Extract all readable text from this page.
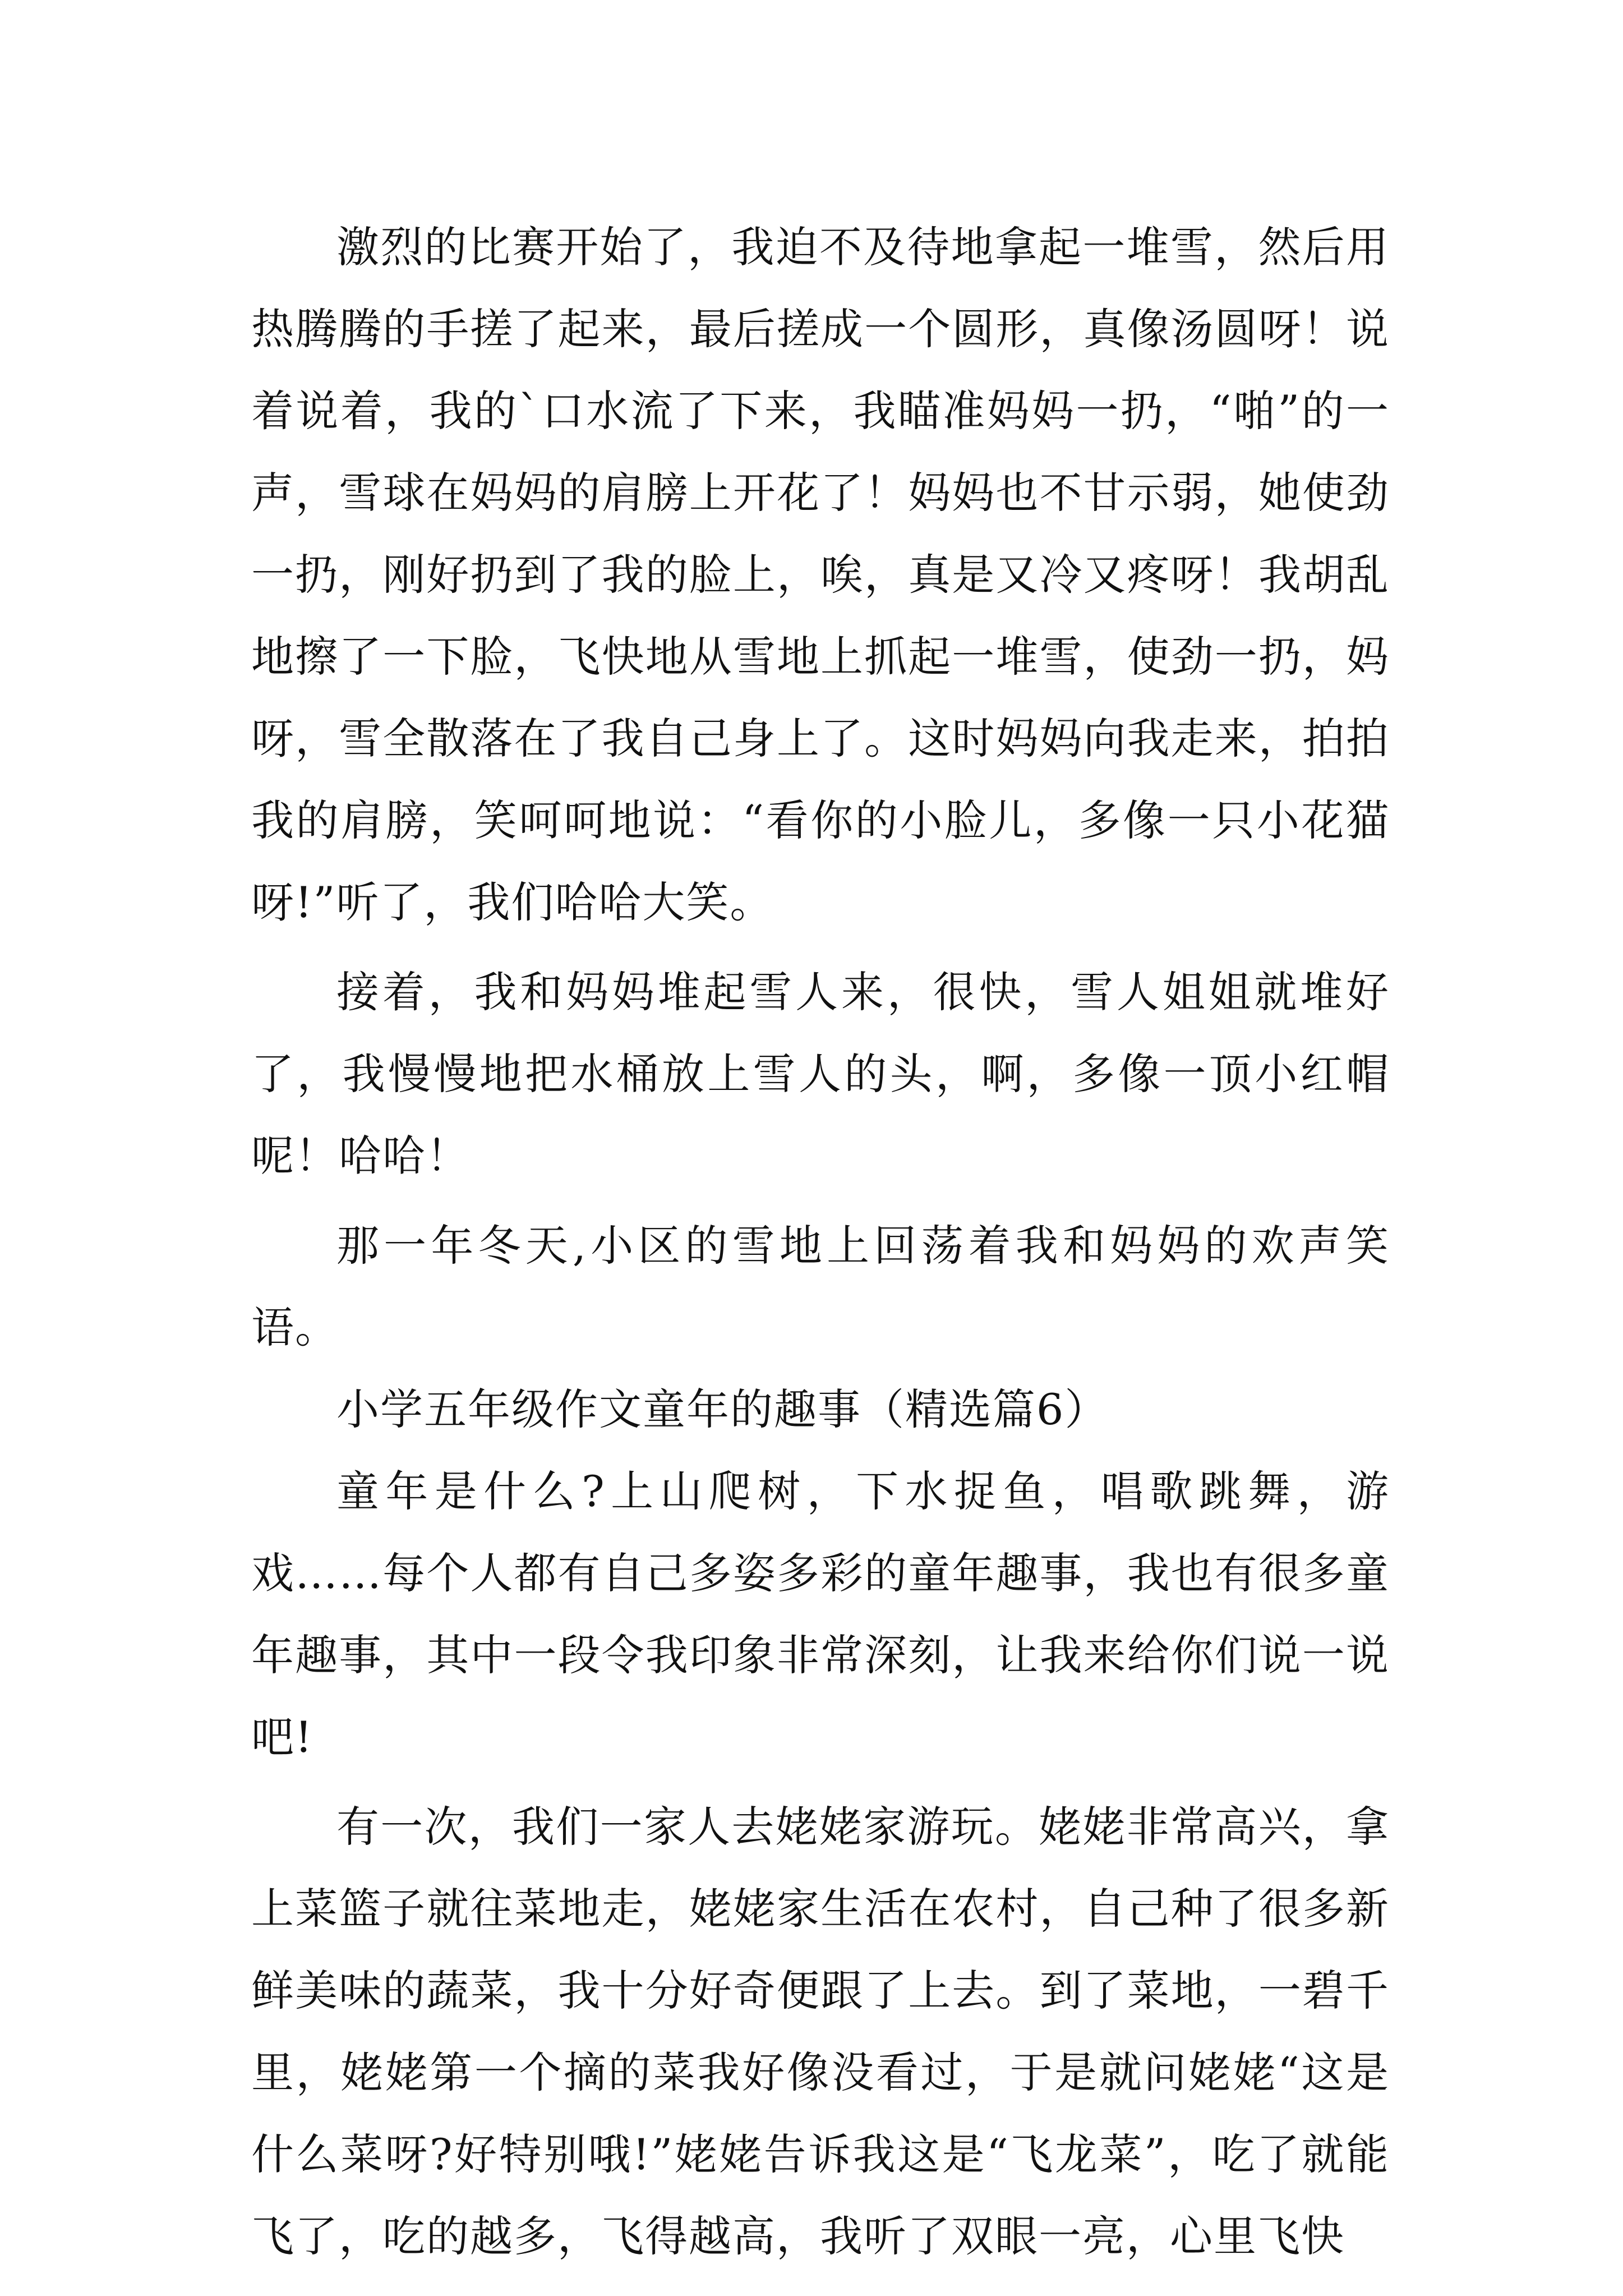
激烈的比赛开始了，我迫不及待地拿起一堆雪，然后用热腾腾的手搓了起来，最后搓成一个圆形，真像汤圆呀！说着说着，我的`口水流了下来，我瞄准妈妈一扔，“啪”的一声，雪球在妈妈的肩膀上开花了！妈妈也不甘示弱，她使劲一扔，刚好扔到了我的脸上，唉，真是又冷又疼呀！我胡乱地擦了一下脸，飞快地从雪地上抓起一堆雪，使劲一扔，妈呀，雪全散落在了我自己身上了。这时妈妈向我走来，拍拍我的肩膀，笑呵呵地说：“看你的小脸儿，多像一只小花猫呀!”听了，我们哈哈大笑。

接着，我和妈妈堆起雪人来，很快，雪人姐姐就堆好了，我慢慢地把水桶放上雪人的头，啊，多像一顶小红帽呢！哈哈！

那一年冬天,小区的雪地上回荡着我和妈妈的欢声笑语。

小学五年级作文童年的趣事（精选篇6）

童年是什么?上山爬树，下水捉鱼，唱歌跳舞，游戏……每个人都有自己多姿多彩的童年趣事，我也有很多童年趣事，其中一段令我印象非常深刻，让我来给你们说一说吧!

有一次，我们一家人去姥姥家游玩。姥姥非常高兴，拿上菜篮子就往菜地走，姥姥家生活在农村，自己种了很多新鲜美味的蔬菜，我十分好奇便跟了上去。到了菜地，一碧千里，姥姥第一个摘的菜我好像没看过，于是就问姥姥“这是什么菜呀?好特别哦!”姥姥告诉我这是“飞龙菜”，吃了就能飞了，吃的越多，飞得越高，我听了双眼一亮，心里飞快
